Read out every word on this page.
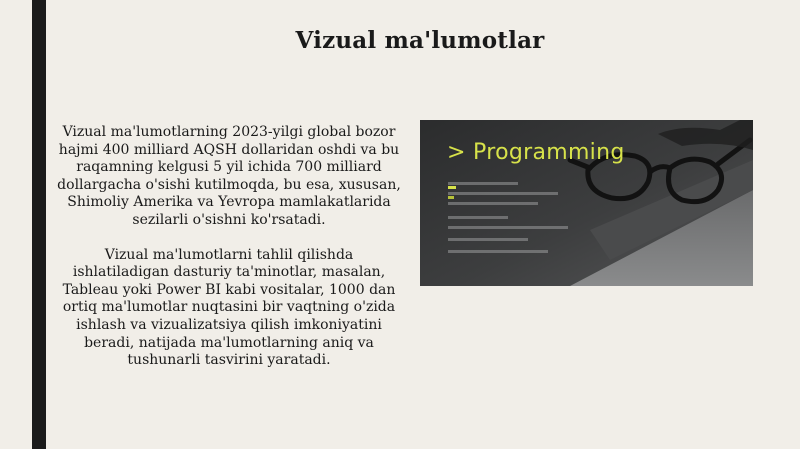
Vizual ma'lumotlar

Vizual ma'lumotlarning 2023-yilgi global bozor hajmi 400 milliard AQSH dollaridan oshdi va bu raqamning kelgusi 5 yil ichida 700 milliard dollargacha o'sishi kutilmoqda, bu esa, xususan, Shimoliy Amerika va Yevropa mamlakatlarida sezilarli o'sishni ko'rsatadi.

Vizual ma'lumotlarni tahlil qilishda ishlatiladigan dasturiy ta'minotlar, masalan, Tableau yoki Power BI kabi vositalar, 1000 dan ortiq ma'lumotlar nuqtasini bir vaqtning o'zida ishlash va vizualizatsiya qilish imkoniyatini beradi, natijada ma'lumotlarning aniq va tushunarli tasvirini yaratadi.

> Programming
